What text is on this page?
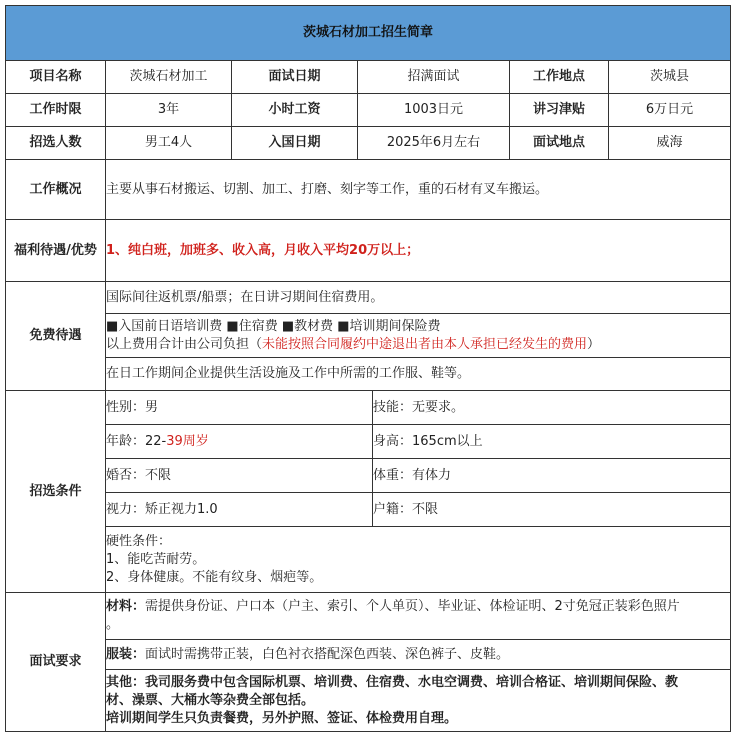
茨城石材加工招生简章						
项目名称	茨城石材加工	面试日期	招满面试		工作地点	茨城县
工作时限	3年	小时工资	1003日元		讲习津贴	6万日元
招选人数	男工4人	入国日期	2025年6月左右		面试地点	威海
工作概况	主要从事石材搬运、切割、加工、打磨、刻字等工作，重的石材有叉车搬运。					
福利待遇/优势	1、纯白班，加班多、收入高，月收入平均20万以上；					
免费待遇	国际间往返机票/船票；在日讲习期间住宿费用。					

	■入国前日语培训费 ■住宿费 ■教材费 ■培训期间保险费
以上费用合计由公司负担（未能按照合同履约中途退出者由本人承担已经发生的费用）					

	在日工作期间企业提供生活设施及工作中所需的工作服、鞋等。					
招选条件	性别：男			技能：无要求。		
	年龄：22-39周岁			身高：165cm以上		
	婚否：不限			体重：有体力		
	视力：矫正视力1.0			户籍：不限		

	硬性条件：
1、能吃苦耐劳。
2、身体健康。不能有纹身、烟疤等。					

面试要求	材料：需提供身份证、户口本（户主、索引、个人单页）、毕业证、体检证明、2寸免冠正装彩色照片
。					

	服装：面试时需携带正装，白色衬衣搭配深色西装、深色裤子、皮鞋。					

	其他：我司服务费中包含国际机票、培训费、住宿费、水电空调费、培训合格证、培训期间保险、教
材、澡票、大桶水等杂费全部包括。
培训期间学生只负责餐费，另外护照、签证、体检费用自理。					
